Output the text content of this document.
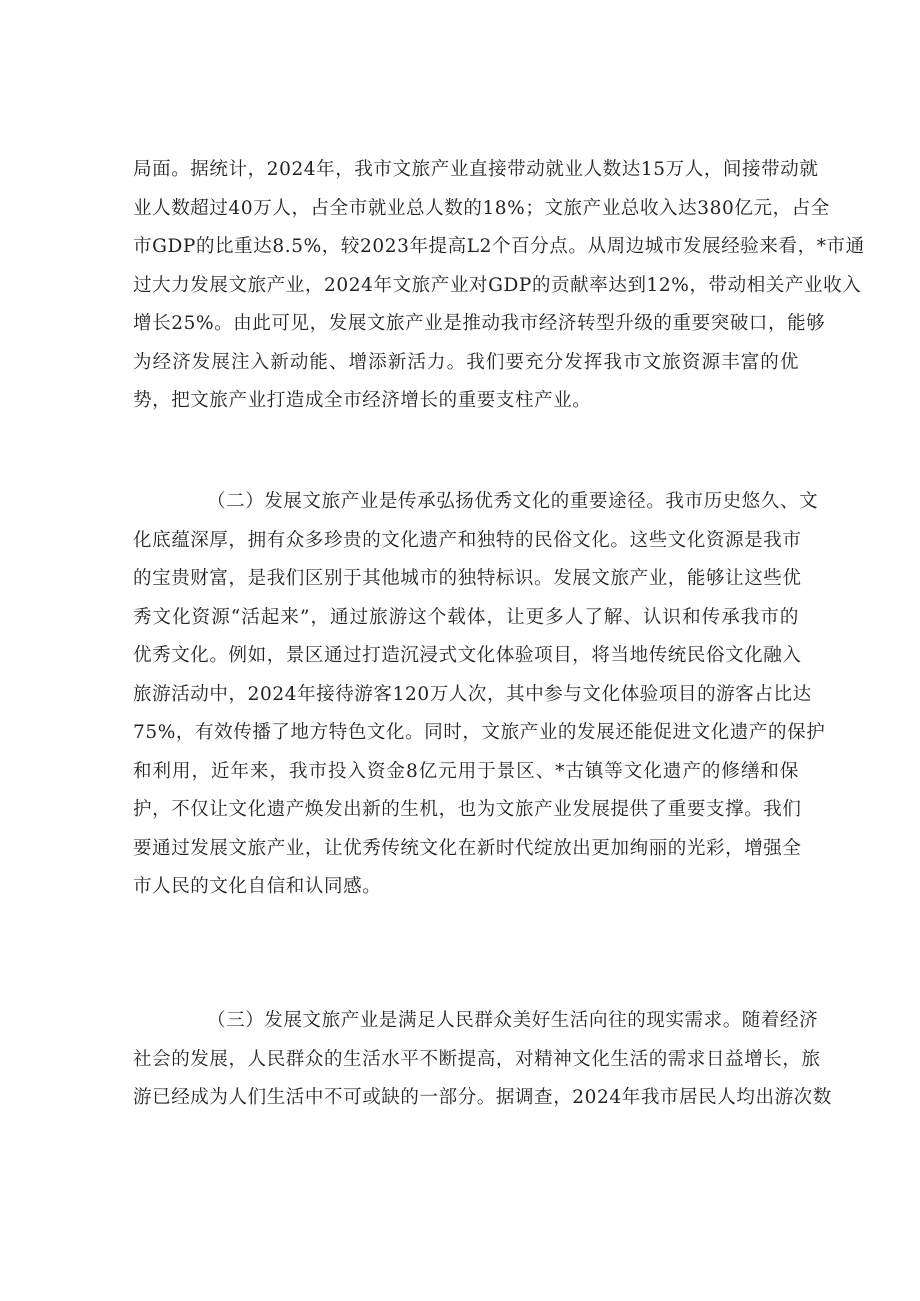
局面。据统计，2024年，我市文旅产业直接带动就业人数达15万人，间接带动就
业人数超过40万人，占全市就业总人数的18%；文旅产业总收入达380亿元，占全
市GDP的比重达8.5%，较2023年提高L2个百分点。从周边城市发展经验来看，*市通
过大力发展文旅产业，2024年文旅产业对GDP的贡献率达到12%，带动相关产业收入
增长25%。由此可见，发展文旅产业是推动我市经济转型升级的重要突破口，能够
为经济发展注入新动能、增添新活力。我们要充分发挥我市文旅资源丰富的优
势，把文旅产业打造成全市经济增长的重要支柱产业。
（二）发展文旅产业是传承弘扬优秀文化的重要途径。我市历史悠久、文
化底蕴深厚，拥有众多珍贵的文化遗产和独特的民俗文化。这些文化资源是我市
的宝贵财富，是我们区别于其他城市的独特标识。发展文旅产业，能够让这些优
秀文化资源“活起来”，通过旅游这个载体，让更多人了解、认识和传承我市的
优秀文化。例如，景区通过打造沉浸式文化体验项目，将当地传统民俗文化融入
旅游活动中，2024年接待游客120万人次，其中参与文化体验项目的游客占比达
75%，有效传播了地方特色文化。同时，文旅产业的发展还能促进文化遗产的保护
和利用，近年来，我市投入资金8亿元用于景区、*古镇等文化遗产的修缮和保
护，不仅让文化遗产焕发出新的生机，也为文旅产业发展提供了重要支撑。我们
要通过发展文旅产业，让优秀传统文化在新时代绽放出更加绚丽的光彩，增强全
市人民的文化自信和认同感。
（三）发展文旅产业是满足人民群众美好生活向往的现实需求。随着经济
社会的发展，人民群众的生活水平不断提高，对精神文化生活的需求日益增长，旅
游已经成为人们生活中不可或缺的一部分。据调查，2024年我市居民人均出游次数
